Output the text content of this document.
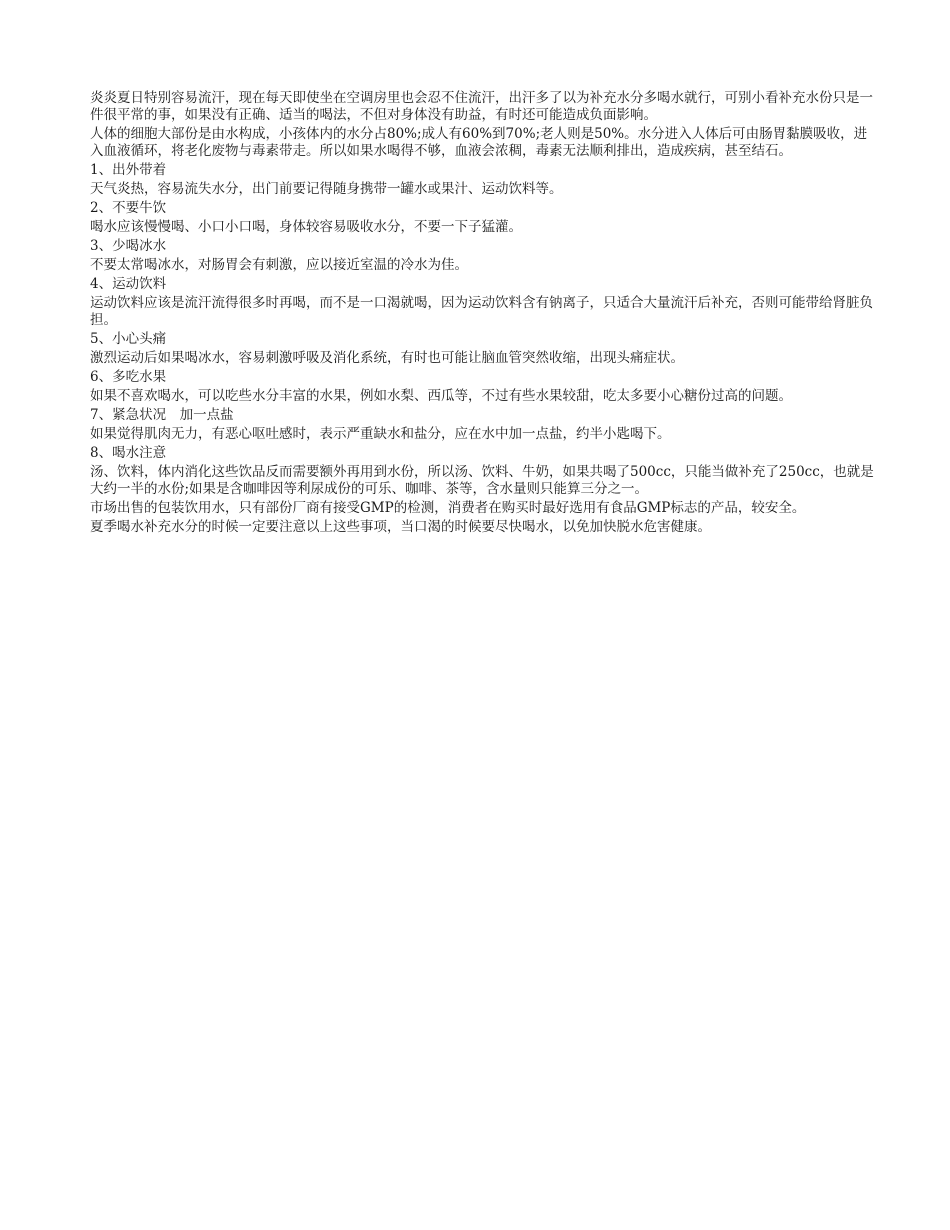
炎炎夏日特别容易流汗，现在每天即使坐在空调房里也会忍不住流汗，出汗多了以为补充水分多喝水就行，可别小看补充水份只是一件很平常的事，如果没有正确、适当的喝法，不但对身体没有助益，有时还可能造成负面影响。

人体的细胞大部份是由水构成，小孩体内的水分占80%;成人有60%到70%;老人则是50%。水分进入人体后可由肠胃黏膜吸收，进入血液循环，将老化废物与毒素带走。所以如果水喝得不够，血液会浓稠，毒素无法顺利排出，造成疾病，甚至结石。

1、出外带着

天气炎热，容易流失水分，出门前要记得随身携带一罐水或果汁、运动饮料等。

2、不要牛饮

喝水应该慢慢喝、小口小口喝，身体较容易吸收水分，不要一下子猛灌。

3、少喝冰水

不要太常喝冰水，对肠胃会有刺激，应以接近室温的冷水为佳。

4、运动饮料

运动饮料应该是流汗流得很多时再喝，而不是一口渴就喝，因为运动饮料含有钠离子，只适合大量流汗后补充，否则可能带给肾脏负担。

5、小心头痛

激烈运动后如果喝冰水，容易刺激呼吸及消化系统，有时也可能让脑血管突然收缩，出现头痛症状。

6、多吃水果

如果不喜欢喝水，可以吃些水分丰富的水果，例如水梨、西瓜等，不过有些水果较甜，吃太多要小心糖份过高的问题。

7、紧急状况　加一点盐

如果觉得肌肉无力，有恶心呕吐感时，表示严重缺水和盐分，应在水中加一点盐，约半小匙喝下。

8、喝水注意

汤、饮料，体内消化这些饮品反而需要额外再用到水份，所以汤、饮料、牛奶，如果共喝了500cc，只能当做补充了250cc，也就是大约一半的水份;如果是含咖啡因等利尿成份的可乐、咖啡、茶等，含水量则只能算三分之一。

市场出售的包装饮用水，只有部份厂商有接受GMP的检测，消费者在购买时最好选用有食品GMP标志的产品，较安全。

夏季喝水补充水分的时候一定要注意以上这些事项，当口渴的时候要尽快喝水，以免加快脱水危害健康。
